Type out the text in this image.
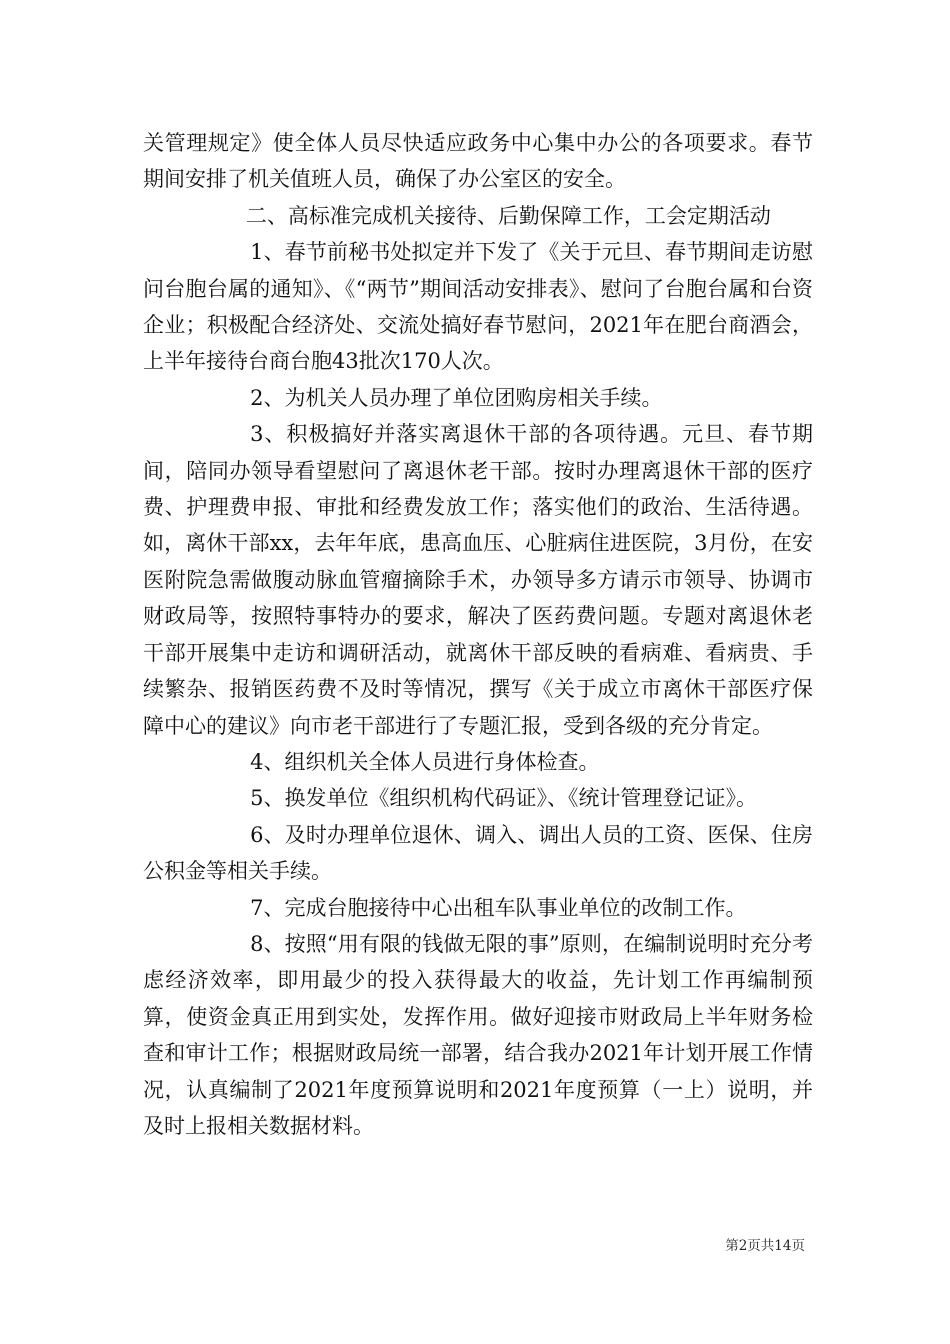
关管理规定》使全体人员尽快适应政务中心集中办公的各项要求。春节期间安排了机关值班人员，确保了办公室区的安全。

二、高标准完成机关接待、后勤保障工作，工会定期活动

1、春节前秘书处拟定并下发了《关于元旦、春节期间走访慰问台胞台属的通知》、《“两节”期间活动安排表》、慰问了台胞台属和台资企业；积极配合经济处、交流处搞好春节慰问，2021年在肥台商酒会，上半年接待台商台胞43批次170人次。

2、为机关人员办理了单位团购房相关手续。

3、积极搞好并落实离退休干部的各项待遇。元旦、春节期间，陪同办领导看望慰问了离退休老干部。按时办理离退休干部的医疗费、护理费申报、审批和经费发放工作；落实他们的政治、生活待遇。如，离休干部xx，去年年底，患高血压、心脏病住进医院，3月份，在安医附院急需做腹动脉血管瘤摘除手术，办领导多方请示市领导、协调市财政局等，按照特事特办的要求，解决了医药费问题。专题对离退休老干部开展集中走访和调研活动，就离休干部反映的看病难、看病贵、手续繁杂、报销医药费不及时等情况，撰写《关于成立市离休干部医疗保障中心的建议》向市老干部进行了专题汇报，受到各级的充分肯定。

4、组织机关全体人员进行身体检查。

5、换发单位《组织机构代码证》、《统计管理登记证》。

6、及时办理单位退休、调入、调出人员的工资、医保、住房公积金等相关手续。

7、完成台胞接待中心出租车队事业单位的改制工作。

8、按照“用有限的钱做无限的事”原则，在编制说明时充分考虑经济效率，即用最少的投入获得最大的收益，先计划工作再编制预算，使资金真正用到实处，发挥作用。做好迎接市财政局上半年财务检查和审计工作；根据财政局统一部署，结合我办2021年计划开展工作情况，认真编制了2021年度预算说明和2021年度预算（一上）说明，并及时上报相关数据材料。

第2页共14页
